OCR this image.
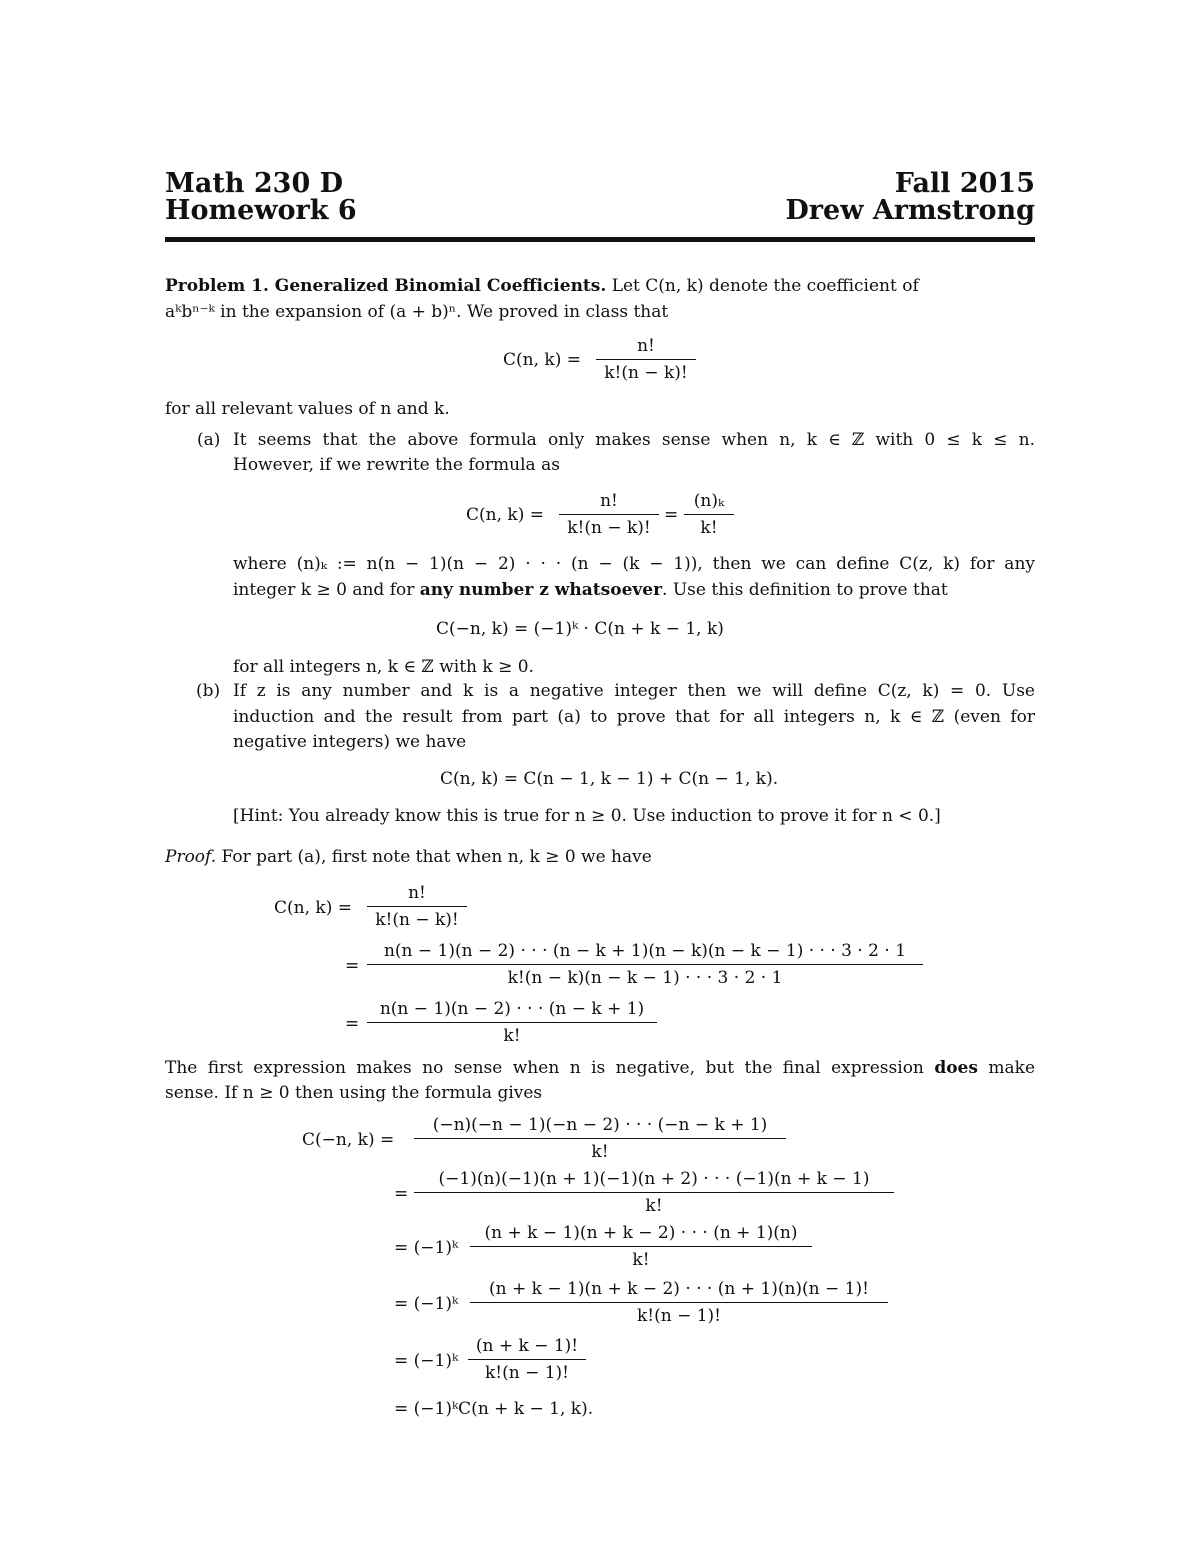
Math 230 D
Homework 6
Fall 2015
Drew Armstrong
Problem 1. Generalized Binomial Coefficients. Let C(n, k) denote the coefficient of
aᵏbⁿ⁻ᵏ in the expansion of (a + b)ⁿ. We proved in class that
C(n, $k) = \frac{n!}{k!(n - k)!}$
for all relevant values of n and k.
(a) It seems that the above formula only makes sense when n, k ∈ ℤ with 0 ≤ k ≤ n.
However, if we rewrite the formula as
C(n, $k) = \frac{n!}{k!(n - k)!} = \frac{\text{(n)ₖ}}{k!}$
where (n)ₖ := n(n − 1)(n − 2) · · · (n − (k − 1)), then we can define C(z, k) for any
integer k ≥ 0 and for any number z whatsoever. Use this definition to prove that
C(−n, k) = (−1)ᵏ · C(n + k − 1, k)
for all integers n, k ∈ ℤ with k ≥ 0.
(b) If z is any number and k is a negative integer then we will define C(z, k) = 0. Use
induction and the result from part (a) to prove that for all integers n, k ∈ ℤ (even for
negative integers) we have
C(n, k) = C(n − 1, k − 1) + C(n − 1, k).
[Hint: You already know this is true for n ≥ 0. Use induction to prove it for n < 0.]
Proof. For part (a), first note that when n, k ≥ 0 we have
C(n, $k) = \frac{n!}{k!(n - k)!}$
=
n(n − 1)(n − 2) · · · (n − k + 1)(n − k)(n − k − 1) · · · 3 · 2 · 1
k!(n − k)(n − k − 1) · · · 3 · 2 · 1
= $\frac{n(n - 1)(n - 2) \cdot \cdot \cdot (n - k + 1)}{k!}$
The first expression makes no sense when n is negative, but the final expression does make
sense. If n ≥ 0 then using the formula gives
C(−n, $k) = \frac{(-n)(-n - 1)(-n - 2) \cdot \cdot \cdot (-n - k + 1)}{k!}$
= $\frac{(-1)(n)(-1)(n + 1)(-1)(n + 2) \cdot \cdot \cdot (-1)(n + k - 1)}{k!}$
= (−1)ᵏ $\frac{(n + k - 1)(n + k - 2) \cdot \cdot \cdot (n + 1)(n)}{k!}$
= (−1)ᵏ $\frac{(n + k - 1)(n + k - 2) \cdot \cdot \cdot (n + 1)(n)(n - 1)!}{k!(n - 1)!}$
= (−1)ᵏ $\frac{(n + k - 1)!}{k!(n - 1)!}$
= (−1)ᵏC(n + k − 1, k).
